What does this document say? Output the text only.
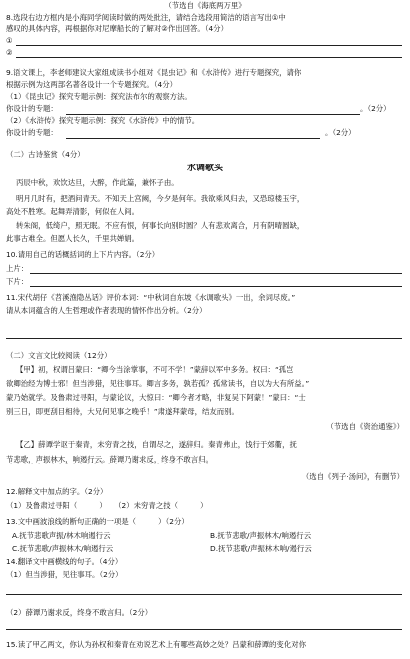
（节选自《海底两万里》
8.选段右边方框内是小海同学阅读时做的两处批注，请结合选段用简洁的语言写出①中
感叹的具体内容，再根据你对尼摩船长的了解对②作出回答。（4分）
①
②
9.语文课上，李老师建议大家组成读书小组对《昆虫记》和《水浒传》进行专题探究，请你
根据示例为这两部名著各设计一个专题探究。（4分）
（1）《昆虫记》探究专题示例：探究法布尔的观察方法。
你设计的专题：	。（2分）
（2）《水浒传》探究专题示例：探究《水浒传》中的情节。
你设计的专题：	。（2分）
（二）古诗鉴赏（4分）
水调歌头
丙辰中秋，欢饮达旦，大醉，作此篇，兼怀子由。
明月几时有，把酒问青天。不知天上宫阙，今夕是何年。我欲乘风归去，又恐琼楼玉宇，
高处不胜寒。起舞弄清影，何似在人间。
转朱阁，低绮户，照无眠。不应有恨，何事长向别时圆？人有悲欢离合，月有阴晴圆缺，
此事古难全。但愿人长久，千里共婵娟。
10.请用自己的话概括词的上下片内容。（2分）
上片：
下片：
11.宋代胡仔《苕溪渔隐丛话》评价本词：“中秋词自东坡《水调歌头》一出，余词尽废。”
请从本词蕴含的人生哲理或作者表现的情怀作出分析。（2分）
（二）文言文比较阅读（12分）
【甲】初，权谓吕蒙曰：“卿今当涂掌事，不可不学！”蒙辞以军中多务。权曰：“孤岂
欲卿治经为博士邪！但当涉猎，见往事耳。卿言多务，孰若孤？孤常读书，自以为大有所益。”
蒙乃始就学。及鲁肃过寻阳，与蒙论议，大惊曰：“卿今者才略，非复吴下阿蒙！”蒙曰：“士
别三日，即更刮目相待，大兄何见事之晚乎！”肃遂拜蒙母，结友而别。
（节选自《资治通鉴》）
【乙】薛谭学讴于秦青，未穷青之技，自谓尽之，遂辞归。秦青弗止，饯行于郊衢，抚
节悲歌，声振林木，响遏行云。薛谭乃谢求反，终身不敢言归。
（选自《列子·汤问》，有删节）
12.解释文中加点的字。（2分）
（1）及鲁肃过寻阳（　　　）　　（2）未穷青之技（　　　）
13.文中画波浪线的断句正确的一项是（　　　）（2分）
A.抚节悲歌声振/林木响遏行云	B.抚节悲歌/声振林木/响遏行云
C.抚节悲歌/声振林木/响遏行云	D.抚节悲歌/声振林木响/遏行云
14.翻译文中画横线的句子。（4分）
（1）但当涉猎，见往事耳。（2分）
（2）薛谭乃谢求反，终身不敢言归。（2分）
15.读了甲乙两文，你认为孙权和秦青在劝说艺术上有哪些高妙之处？吕蒙和薛谭的变化对你
